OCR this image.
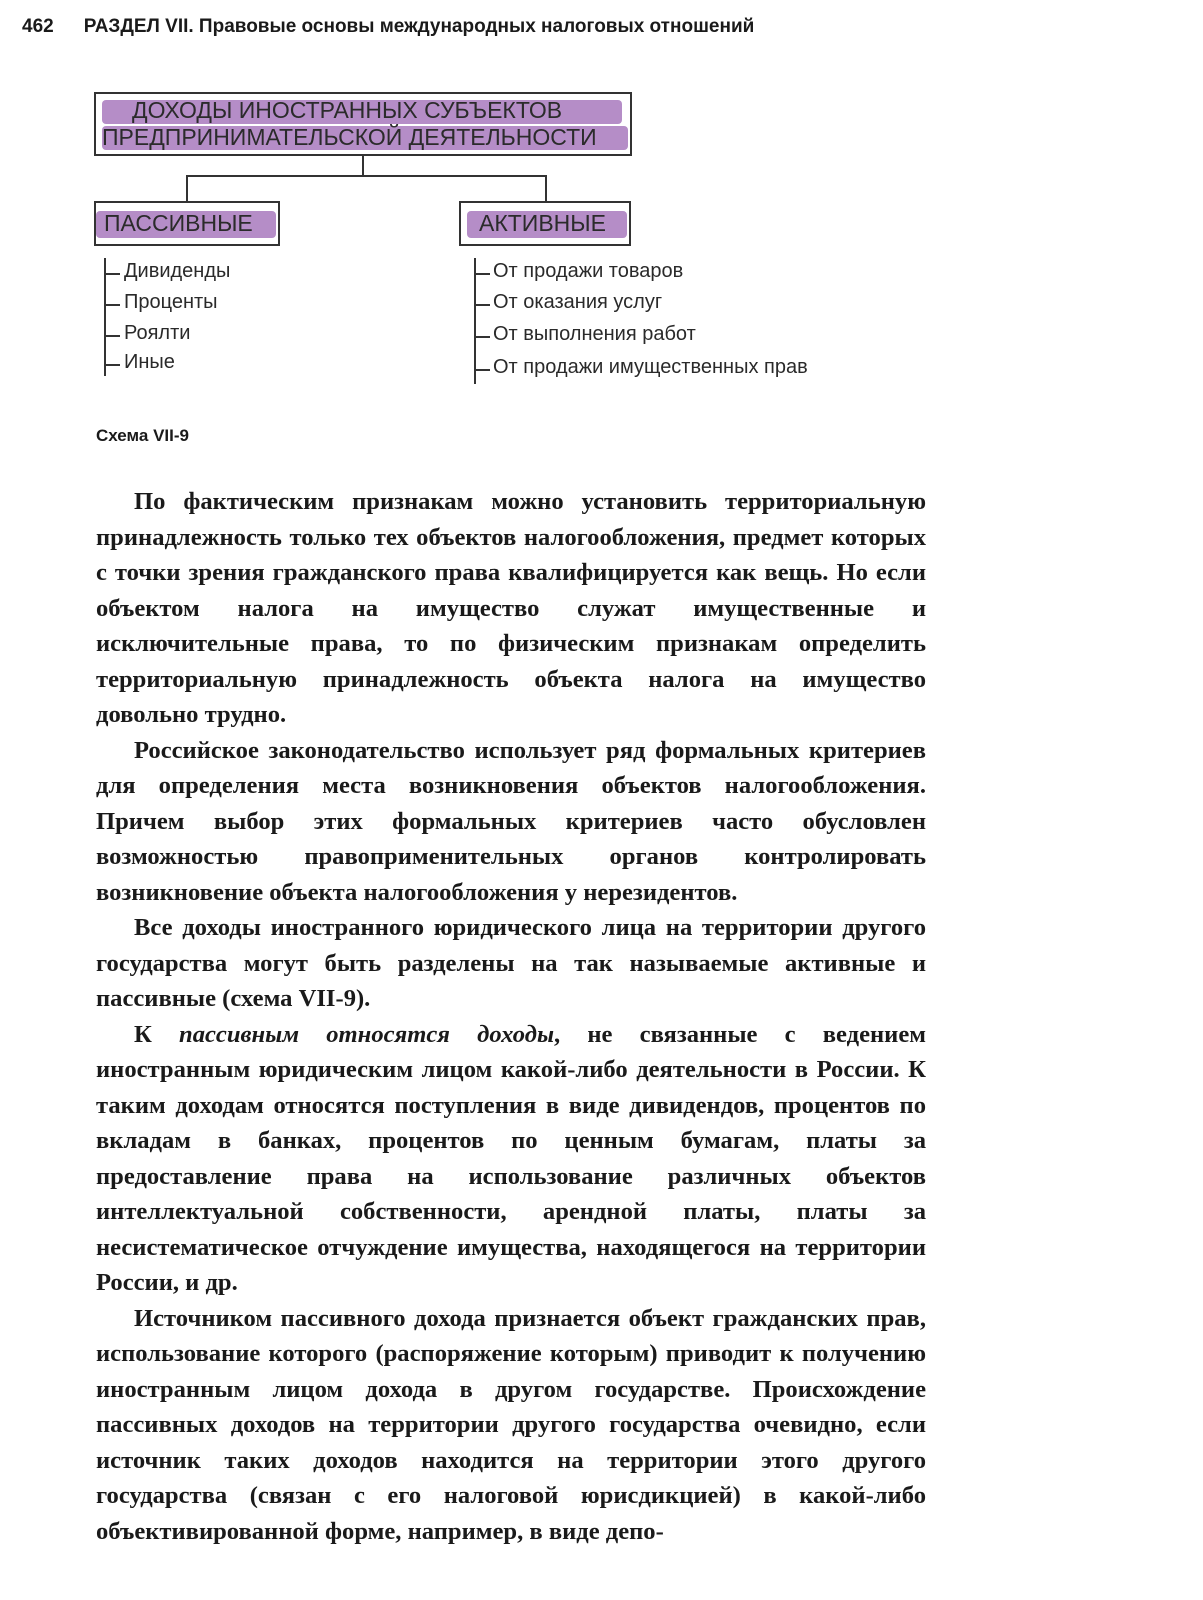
462 РАЗДЕЛ VII. Правовые основы международных налоговых отношений
ДОХОДЫ ИНОСТРАННЫХ СУБЪЕКТОВ
ПРЕДПРИНИМАТЕЛЬСКОЙ ДЕЯТЕЛЬНОСТИ
ПАССИВНЫЕ	АКТИВНЫЕ
Дивиденды
Проценты
Роялти
Иные
От продажи товаров
От оказания услуг
От выполнения работ
От продажи имущественных прав
Схема VII-9

По фактическим признакам можно установить территориальную принадлежность только тех объектов налогообложения, предмет которых с точки зрения гражданского права квалифицируется как вещь. Но если объектом налога на имущество служат имущественные и исключительные права, то по физическим признакам определить территориальную принадлежность объекта налога на имущество довольно трудно.

Российское законодательство использует ряд формальных критериев для определения места возникновения объектов налогообложения. Причем выбор этих формальных критериев часто обусловлен возможностью правоприменительных органов контролировать возникновение объекта налогообложения у нерезидентов.

Все доходы иностранного юридического лица на территории другого государства могут быть разделены на так называемые активные и пассивные (схема VII-9).

К пассивным относятся доходы, не связанные с ведением иностранным юридическим лицом какой-либо деятельности в России. К таким доходам относятся поступления в виде дивидендов, процентов по вкладам в банках, процентов по ценным бумагам, платы за предоставление права на использование различных объектов интеллектуальной собственности, арендной платы, платы за несистематическое отчуждение имущества, находящегося на территории России, и др.

Источником пассивного дохода признается объект гражданских прав, использование которого (распоряжение которым) приводит к получению иностранным лицом дохода в другом государстве. Происхождение пассивных доходов на территории другого государства очевидно, если источник таких доходов находится на территории этого другого государства (связан с его налоговой юрисдикцией) в какой-либо объективированной форме, например, в виде депо-
